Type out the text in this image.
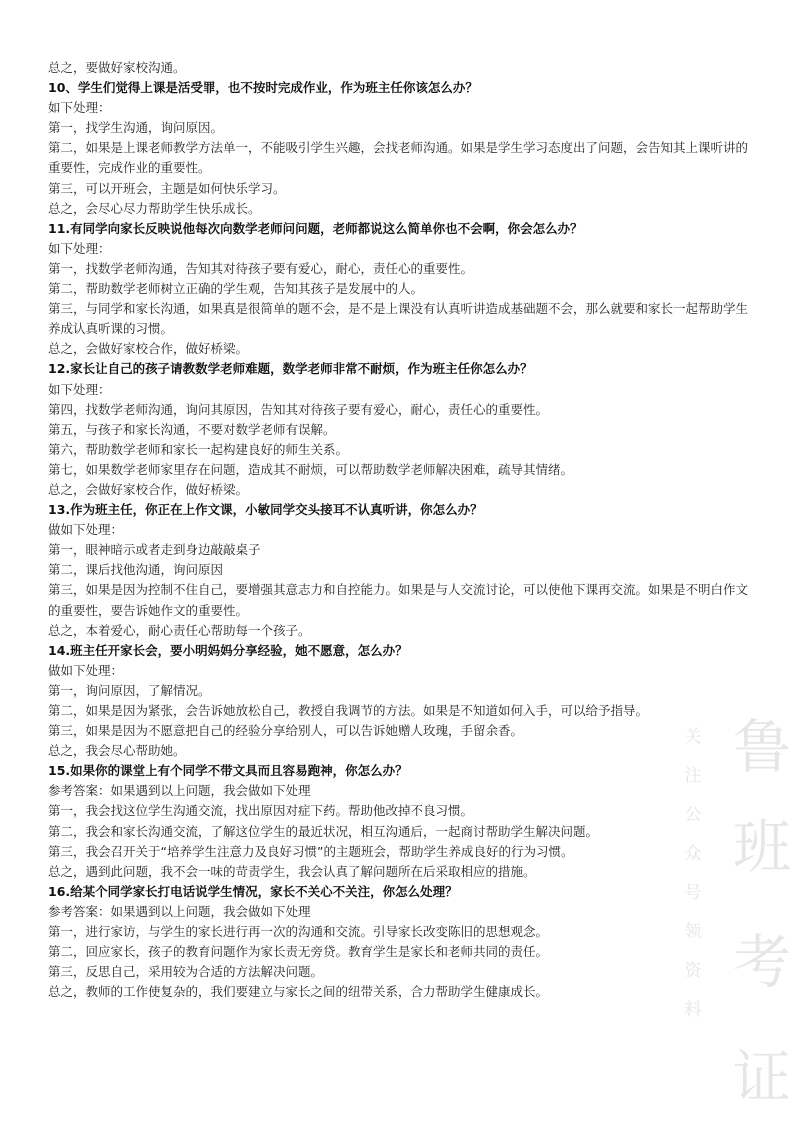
总之，要做好家校沟通。
10、学生们觉得上课是活受罪，也不按时完成作业，作为班主任你该怎么办？
如下处理：
第一，找学生沟通，询问原因。
第二，如果是上课老师教学方法单一，不能吸引学生兴趣，会找老师沟通。如果是学生学习态度出了问题，会告知其上课听讲的重要性，完成作业的重要性。
第三，可以开班会，主题是如何快乐学习。
总之，会尽心尽力帮助学生快乐成长。
11.有同学向家长反映说他每次向数学老师问问题，老师都说这么简单你也不会啊，你会怎么办？
如下处理：
第一，找数学老师沟通，告知其对待孩子要有爱心，耐心，责任心的重要性。
第二，帮助数学老师树立正确的学生观，告知其孩子是发展中的人。
第三，与同学和家长沟通，如果真是很简单的题不会，是不是上课没有认真听讲造成基础题不会，那么就要和家长一起帮助学生养成认真听课的习惯。
总之，会做好家校合作，做好桥梁。
12.家长让自己的孩子请教数学老师难题，数学老师非常不耐烦，作为班主任你怎么办？
如下处理：
第四，找数学老师沟通，询问其原因，告知其对待孩子要有爱心，耐心，责任心的重要性。
第五，与孩子和家长沟通，不要对数学老师有误解。
第六，帮助数学老师和家长一起构建良好的师生关系。
第七，如果数学老师家里存在问题，造成其不耐烦，可以帮助数学老师解决困难，疏导其情绪。
总之，会做好家校合作，做好桥梁。
13.作为班主任，你正在上作文课，小敏同学交头接耳不认真听讲，你怎么办？
做如下处理：
第一，眼神暗示或者走到身边敲敲桌子
第二，课后找他沟通，询问原因
第三，如果是因为控制不住自己，要增强其意志力和自控能力。如果是与人交流讨论，可以使他下课再交流。如果是不明白作文的重要性，要告诉她作文的重要性。
总之，本着爱心，耐心责任心帮助每一个孩子。
14.班主任开家长会，要小明妈妈分享经验，她不愿意，怎么办？
做如下处理：
第一，询问原因，了解情况。
第二，如果是因为紧张，会告诉她放松自己，教授自我调节的方法。如果是不知道如何入手，可以给予指导。
第三，如果是因为不愿意把自己的经验分享给别人，可以告诉她赠人玫瑰，手留余香。
总之，我会尽心帮助她。
15.如果你的课堂上有个同学不带文具而且容易跑神，你怎么办？
参考答案：如果遇到以上问题，我会做如下处理
第一，我会找这位学生沟通交流，找出原因对症下药。帮助他改掉不良习惯。
第二，我会和家长沟通交流，了解这位学生的最近状况，相互沟通后，一起商讨帮助学生解决问题。
第三，我会召开关于“培养学生注意力及良好习惯”的主题班会，帮助学生养成良好的行为习惯。
总之，遇到此问题，我不会一味的苛责学生，我会认真了解问题所在后采取相应的措施。
16.给某个同学家长打电话说学生情况，家长不关心不关注，你怎么处理？
参考答案：如果遇到以上问题，我会做如下处理
第一，进行家访，与学生的家长进行再一次的沟通和交流。引导家长改变陈旧的思想观念。
第二，回应家长，孩子的教育问题作为家长责无旁贷。教育学生是家长和老师共同的责任。
第三，反思自己，采用较为合适的方法解决问题。
总之，教师的工作使复杂的，我们要建立与家长之间的纽带关系，合力帮助学生健康成长。
鲁
班
考
证
关注公众号领资料
